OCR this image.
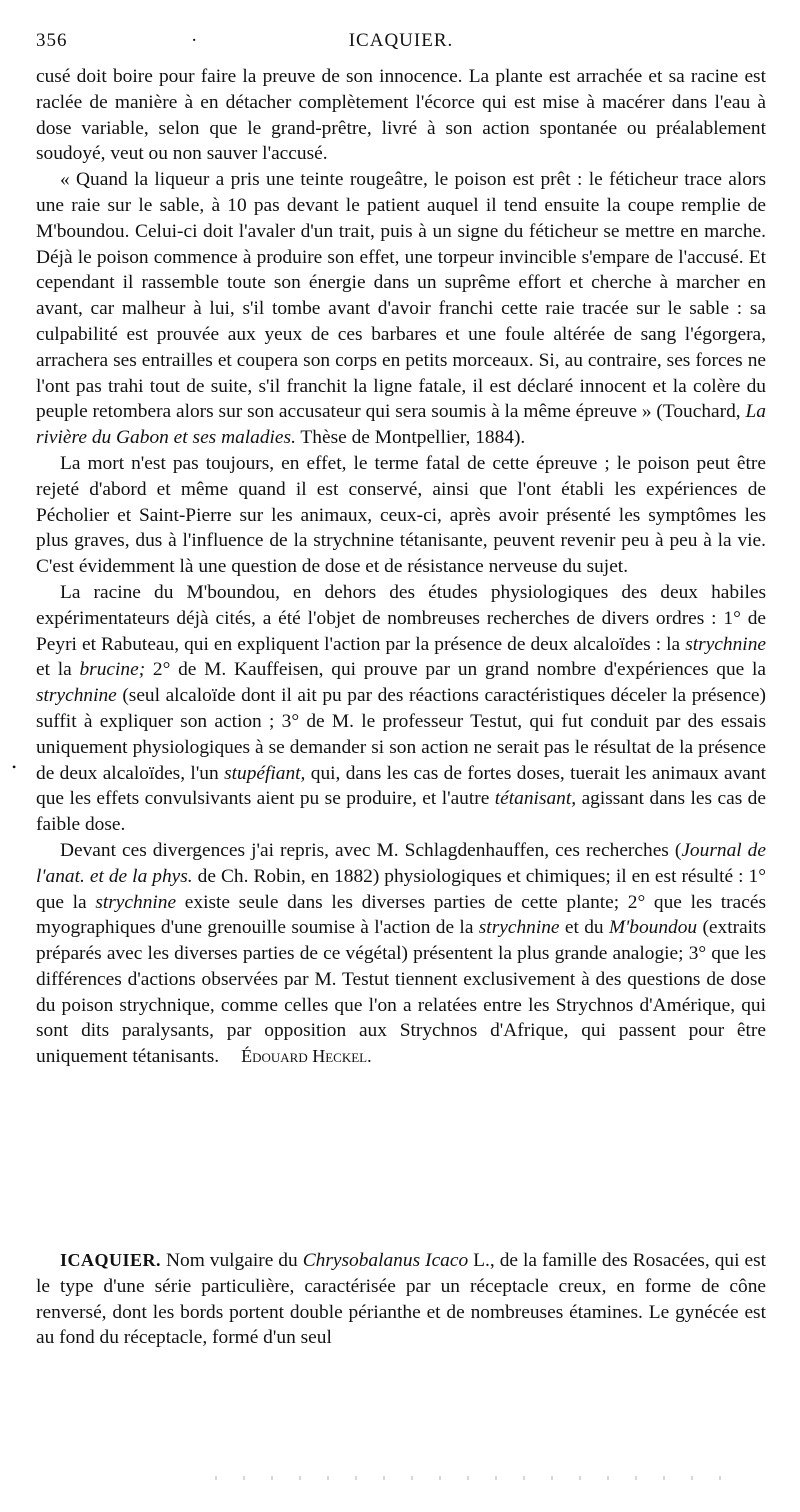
356	·	ICAQUIER.

cusé doit boire pour faire la preuve de son innocence. La plante est arrachée et sa racine est raclée de manière à en détacher complètement l'écorce qui est mise à macérer dans l'eau à dose variable, selon que le grand-prêtre, livré à son action spontanée ou préalablement soudoyé, veut ou non sauver l'accusé.

« Quand la liqueur a pris une teinte rougeâtre, le poison est prêt : le féticheur trace alors une raie sur le sable, à 10 pas devant le patient auquel il tend ensuite la coupe remplie de M'boundou. Celui-ci doit l'avaler d'un trait, puis à un signe du féticheur se mettre en marche. Déjà le poison commence à produire son effet, une torpeur invincible s'empare de l'accusé. Et cependant il rassemble toute son énergie dans un suprême effort et cherche à marcher en avant, car malheur à lui, s'il tombe avant d'avoir franchi cette raie tracée sur le sable : sa culpabilité est prouvée aux yeux de ces barbares et une foule altérée de sang l'égorgera, arrachera ses entrailles et coupera son corps en petits morceaux. Si, au contraire, ses forces ne l'ont pas trahi tout de suite, s'il franchit la ligne fatale, il est déclaré innocent et la colère du peuple retombera alors sur son accusateur qui sera soumis à la même épreuve » (Touchard, La rivière du Gabon et ses maladies. Thèse de Montpellier, 1884).

La mort n'est pas toujours, en effet, le terme fatal de cette épreuve ; le poison peut être rejeté d'abord et même quand il est conservé, ainsi que l'ont établi les expériences de Pécholier et Saint-Pierre sur les animaux, ceux-ci, après avoir présenté les symptômes les plus graves, dus à l'influence de la strychnine tétanisante, peuvent revenir peu à peu à la vie. C'est évidemment là une question de dose et de résistance nerveuse du sujet.

La racine du M'boundou, en dehors des études physiologiques des deux habiles expérimentateurs déjà cités, a été l'objet de nombreuses recherches de divers ordres : 1° de Peyri et Rabuteau, qui en expliquent l'action par la présence de deux alcaloïdes : la strychnine et la brucine; 2° de M. Kauffeisen, qui prouve par un grand nombre d'expériences que la strychnine (seul alcaloïde dont il ait pu par des réactions caractéristiques déceler la présence) suffit à expliquer son action ; 3° de M. le professeur Testut, qui fut conduit par des essais uniquement physiologiques à se demander si son action ne serait pas le résultat de la présence de deux alcaloïdes, l'un stupéfiant, qui, dans les cas de fortes doses, tuerait les animaux avant que les effets convulsivants aient pu se produire, et l'autre tétanisant, agissant dans les cas de faible dose.

Devant ces divergences j'ai repris, avec M. Schlagdenhauffen, ces recherches (Journal de l'anat. et de la phys. de Ch. Robin, en 1882) physiologiques et chimiques; il en est résulté : 1° que la strychnine existe seule dans les diverses parties de cette plante; 2° que les tracés myographiques d'une grenouille soumise à l'action de la strychnine et du M'boundou (extraits préparés avec les diverses parties de ce végétal) présentent la plus grande analogie; 3° que les différences d'actions observées par M. Testut tiennent exclusivement à des questions de dose du poison strychnique, comme celles que l'on a relatées entre les Strychnos d'Amérique, qui sont dits paralysants, par opposition aux Strychnos d'Afrique, qui passent pour être uniquement tétanisants. Édouard Heckel.

ICAQUIER. Nom vulgaire du Chrysobalanus Icaco L., de la famille des Rosacées, qui est le type d'une série particulière, caractérisée par un réceptacle creux, en forme de cône renversé, dont les bords portent double périanthe et de nombreuses étamines. Le gynécée est au fond du réceptacle, formé d'un seul

•
